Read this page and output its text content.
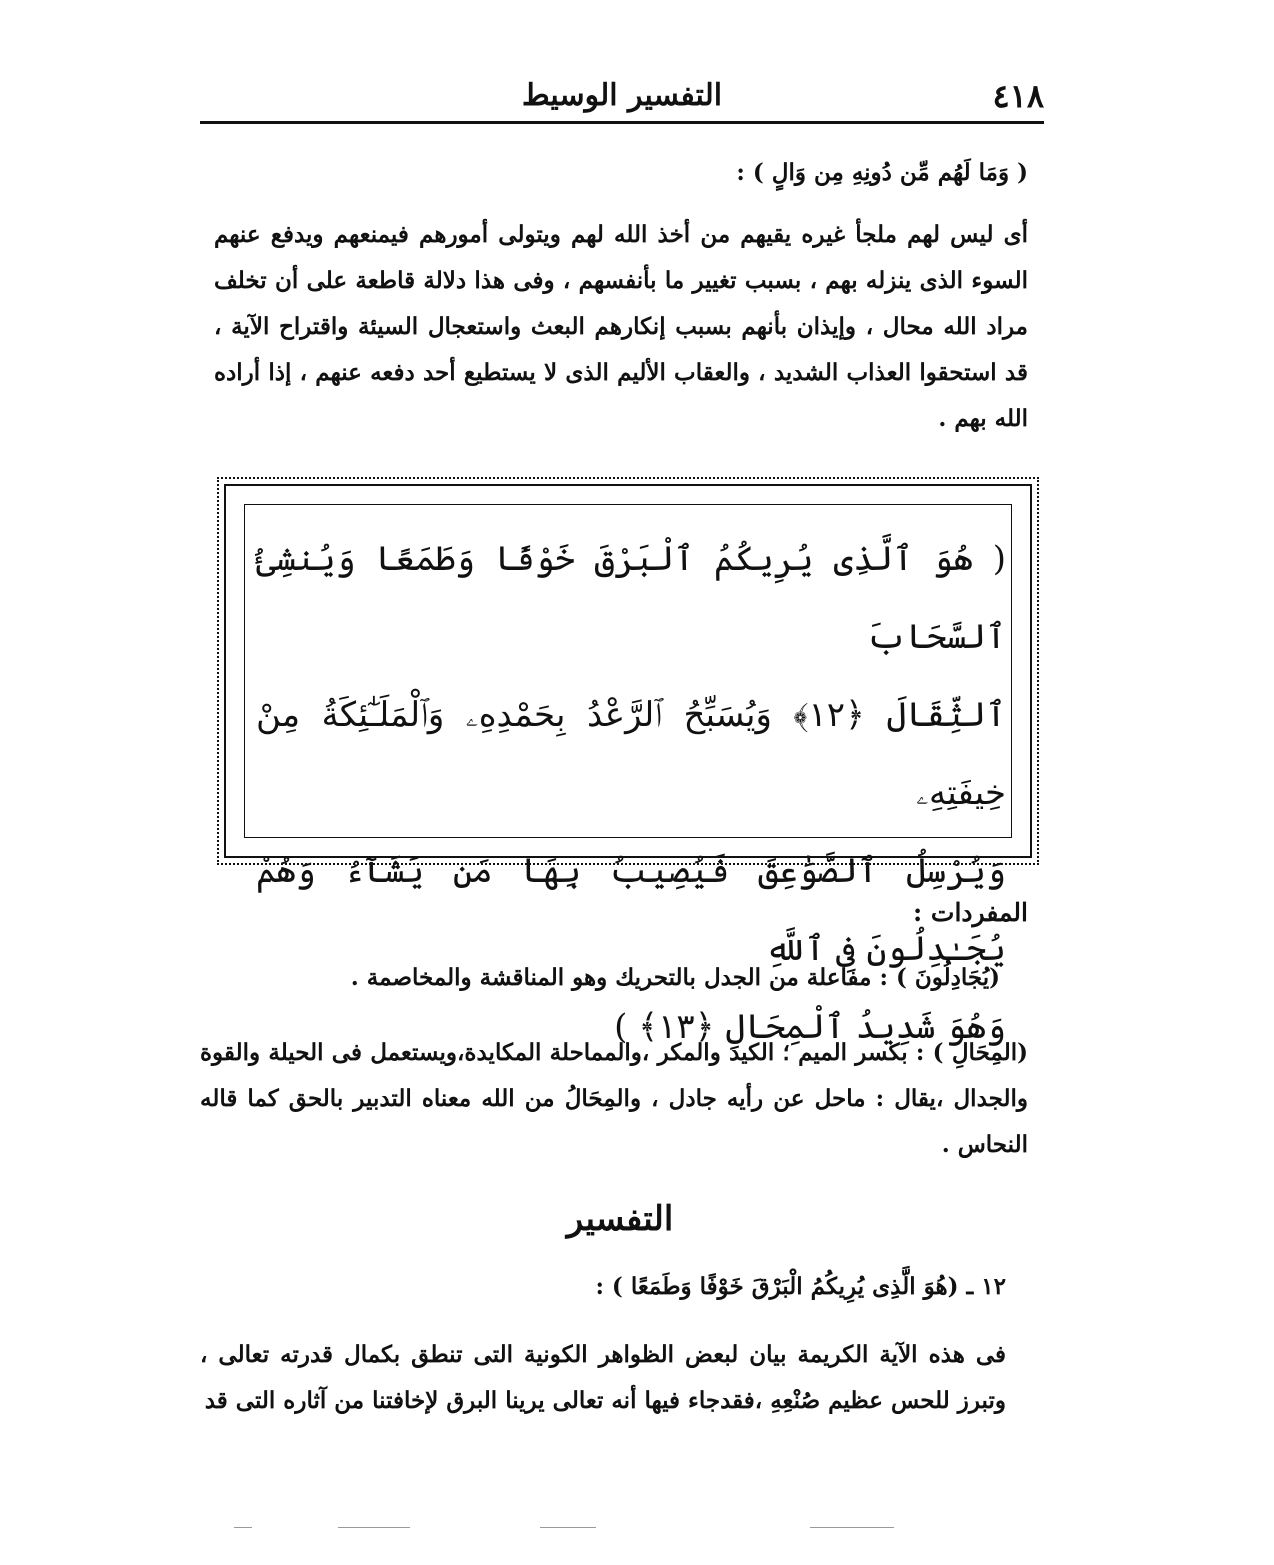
٤١٨
التفسير الوسيط
( وَمَا لَهُم مِّن دُونِهِ مِن وَالٍ ) :
أى ليس لهم ملجأ غيره يقيهم من أخذ الله لهم ويتولى أمورهم فيمنعهم ويدفع عنهم السوء الذى ينزله بهم ، بسبب تغيير ما بأنفسهم ، وفى هذا دلالة قاطعة على أن تخلف مراد الله محال ، وإيذان بأنهم بسبب إنكارهم البعث واستعجال السيئة واقتراح الآية ، قد استحقوا العذاب الشديد ، والعقاب الأليم الذى لا يستطيع أحد دفعه عنهم ، إذا أراده الله بهم .
( هُوَ ٱلَّذِى يُرِيكُمُ ٱلْبَرْقَ خَوْفًا وَطَمَعًا وَيُنشِئُ ٱلسَّحَابَ
ٱلثِّقَالَ ﴿١٢﴾ وَيُسَبِّحُ ٱلرَّعْدُ بِحَمْدِهِۦ وَٱلْمَلَـٰٓئِكَةُ مِنْ خِيفَتِهِۦ
وَيُرْسِلُ ٱلصَّوَٰعِقَ فَيُصِيبُ بِهَا مَن يَشَآءُ وَهُمْ يُجَـٰدِلُونَ فِى ٱللَّهِ
وَهُوَ شَدِيدُ ٱلْمِحَالِ ﴿١٣﴾ )
المفردات :
(يُجَادِلُونَ ) : مفاعلة من الجدل بالتحريك وهو المناقشة والمخاصمة .
(المِحَالِ ) : بكسر الميم ؛ الكيد والمكر ،والمماحلة المكايدة،ويستعمل فى الحيلة والقوة والجدال ،يقال : ماحل عن رأيه جادل ، والمِحَالُ من الله معناه التدبير بالحق كما قاله النحاس .
التفسير
١٢ ـ (هُوَ الَّذِى يُرِيكُمُ الْبَرْقَ خَوْفًا وَطَمَعًا ) :
فى هذه الآية الكريمة بيان لبعض الظواهر الكونية التى تنطق بكمال قدرته تعالى ، وتبرز للحس عظيم صُنْعِهِ ،فقدجاء فيها أنه تعالى يرينا البرق لإخافتنا من آثاره التى قد
